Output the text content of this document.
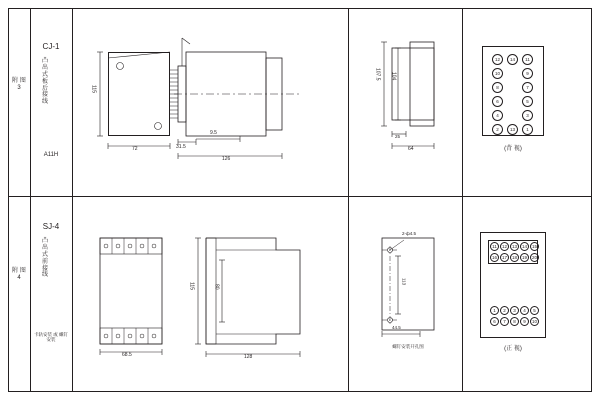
附 图 3
CJ-1
凸出式板后接线
A11H
115
72	31.5
9.5
126
107.5 104
25
64
12	11
10	9
8	7
6	5
4	3
2	1
14
13
(背 视)
附 图 4
SJ-4
凸出式前接线
卡轨安装 或 螺钉安装
68.5
115	80
128
2-ф4.5
113
44.5
螺钉安装开孔图
11	12	13	14	15
16	17	18	19	20
1	2	3	4	5
6	7	8	9	10
(正 视)
